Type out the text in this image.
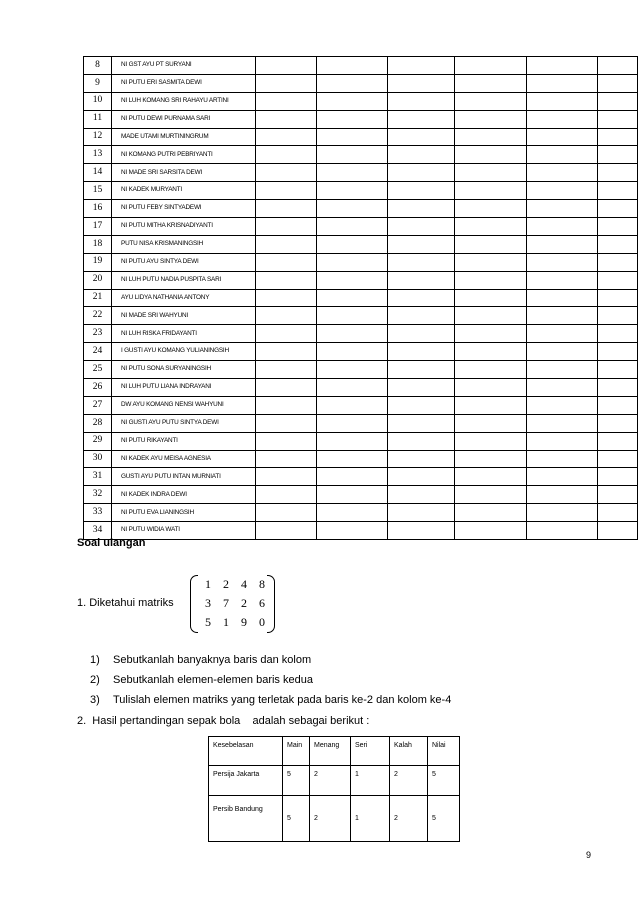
8	NI GST AYU PT SURYANI						
9	NI PUTU ERI SASMITA DEWI						
10	NI LUH KOMANG SRI RAHAYU ARTINI						
11	NI PUTU DEWI PURNAMA SARI						
12	MADE UTAMI MURTININGRUM						
13	NI KOMANG PUTRI PEBRIYANTI						
14	NI MADE SRI SARSITA DEWI						
15	NI KADEK MURYANTI						
16	NI PUTU FEBY SINTYADEWI						
17	NI PUTU MITHA KRISNADIYANTI						
18	PUTU NISA KRISMANINGSIH						
19	NI PUTU AYU SINTYA DEWI						
20	NI LUH PUTU NADIA PUSPITA SARI						
21	AYU LIDYA NATHANIA ANTONY						
22	NI MADE SRI WAHYUNI						
23	NI LUH RISKA FRIDAYANTI						
24	I GUSTI AYU KOMANG YULIANINGSIH						
25	NI PUTU SONA SURYANINGSIH						
26	NI LUH PUTU LIANA INDRAYANI						
27	DW AYU KOMANG NENSI WAHYUNI						
28	NI GUSTI AYU PUTU SINTYA DEWI						
29	NI PUTU RIKAYANTI						
30	NI KADEK AYU MEISA AGNESIA						
31	GUSTI AYU PUTU INTAN MURNIATI						
32	NI KADEK INDRA DEWI						
33	NI PUTU EVA LIANINGSIH						
34	NI PUTU WIDIA WATI						
Soal ulangan
1. Diketahui matriks
1	2	4	8
3	7	2	6
5	1	9	0
1) Sebutkanlah banyaknya baris dan kolom
2) Sebutkanlah elemen-elemen baris kedua
3) Tulislah elemen matriks yang terletak pada baris ke-2 dan kolom ke-4
2.  Hasil pertandingan sepak bola    adalah sebagai berikut :
Kesebelasan	Main	Menang	Seri	Kalah	Nilai
Persija Jakarta	5	2	1	2	5
Persib Bandung	5	2	1	2	5
9
